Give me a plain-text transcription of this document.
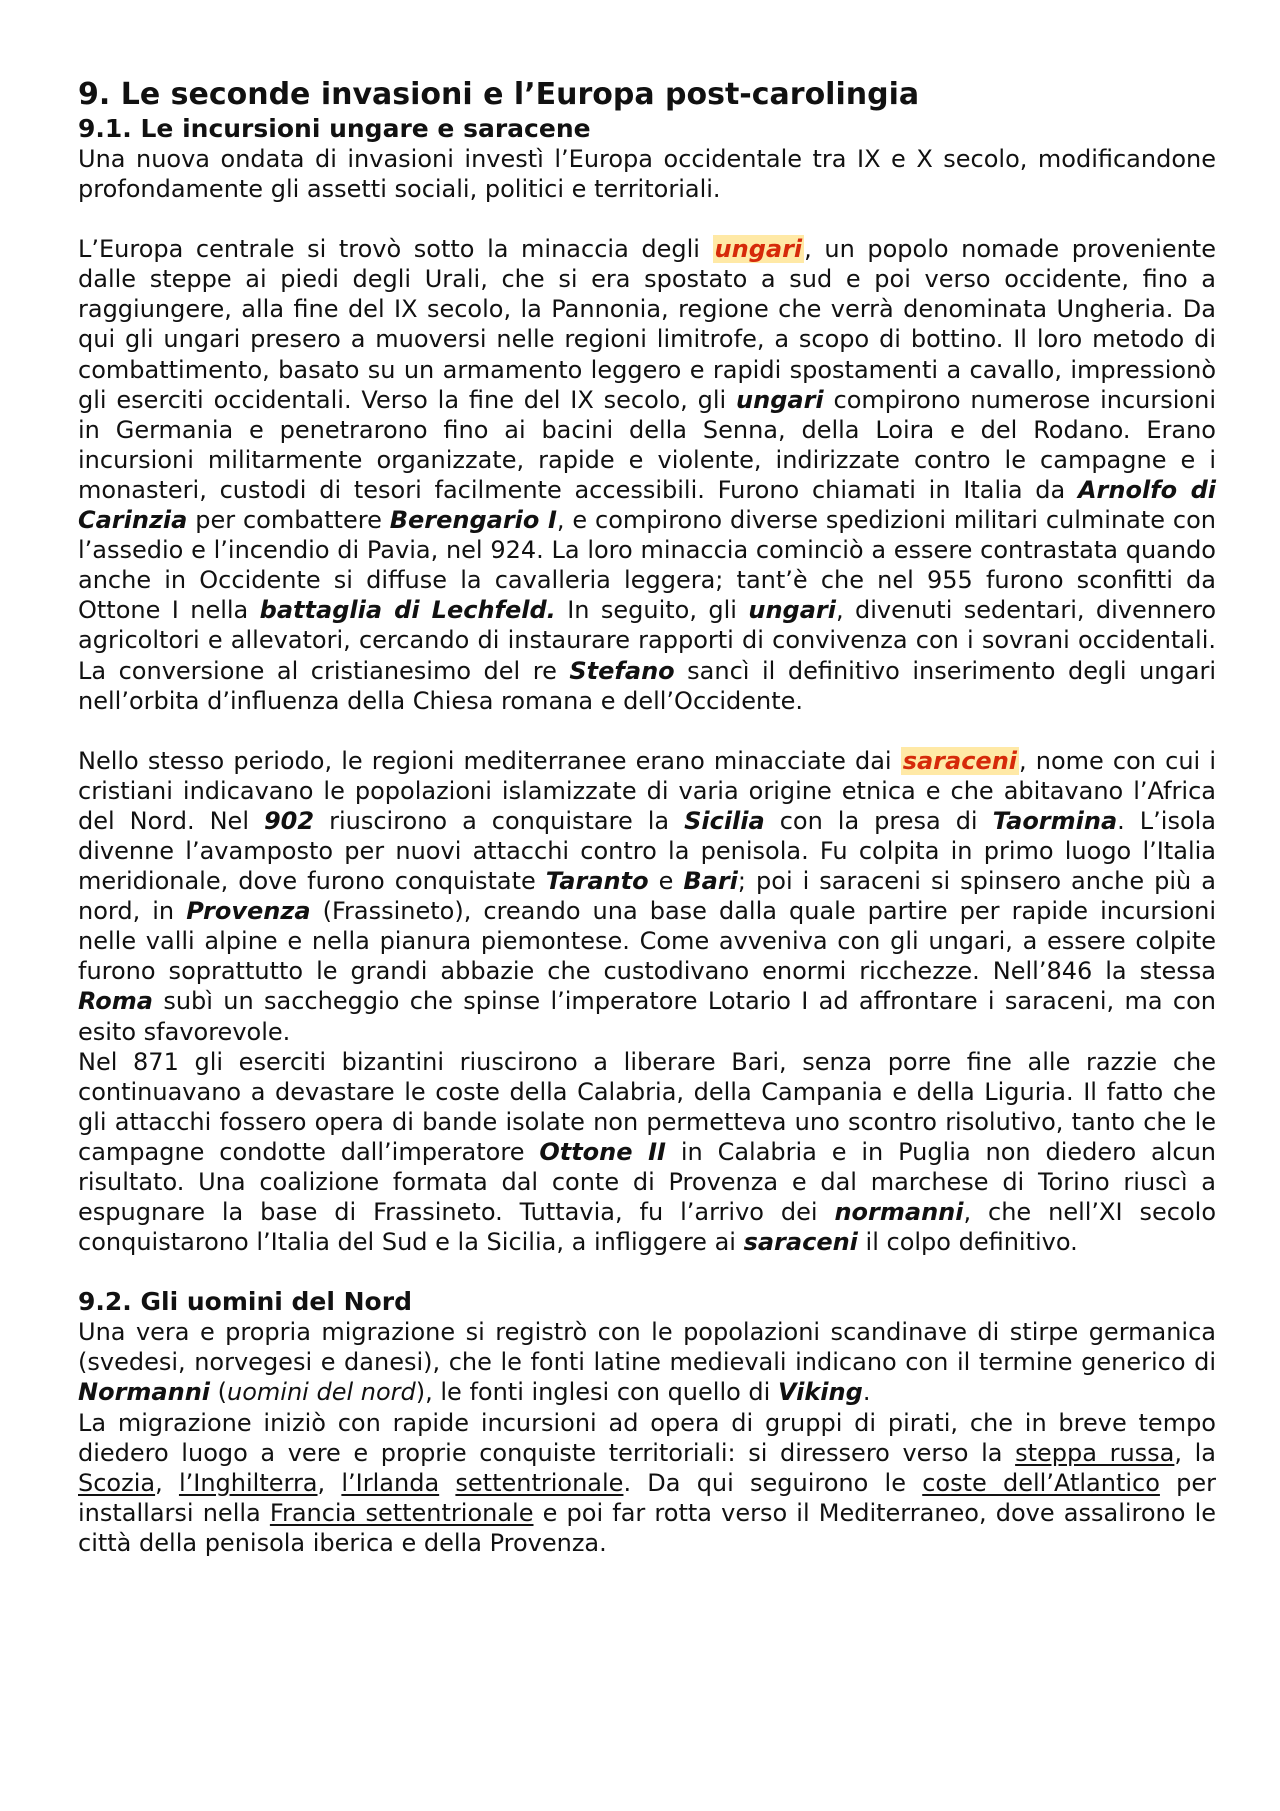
9. Le seconde invasioni e l’Europa post-carolingia
9.1. Le incursioni ungare e saracene

Una nuova ondata di invasioni investì l’Europa occidentale tra IX e X secolo, modificandone profondamente gli assetti sociali, politici e territoriali.

L’Europa centrale si trovò sotto la minaccia degli ungari, un popolo nomade proveniente dalle steppe ai piedi degli Urali, che si era spostato a sud e poi verso occidente, fino a raggiungere, alla fine del IX secolo, la Pannonia, regione che verrà denominata Ungheria. Da qui gli ungari presero a muoversi nelle regioni limitrofe, a scopo di bottino. Il loro metodo di combattimento, basato su un armamento leggero e rapidi spostamenti a cavallo, impressionò gli eserciti occidentali. Verso la fine del IX secolo, gli ungari compirono numerose incursioni in Germania e penetrarono fino ai bacini della Senna, della Loira e del Rodano. Erano incursioni militarmente organizzate, rapide e violente, indirizzate contro le campagne e i monasteri, custodi di tesori facilmente accessibili. Furono chiamati in Italia da Arnolfo di Carinzia per combattere Berengario I, e compirono diverse spedizioni militari culminate con l’assedio e l’incendio di Pavia, nel 924. La loro minaccia cominciò a essere contrastata quando anche in Occidente si diffuse la cavalleria leggera; tant’è che nel 955 furono sconfitti da Ottone I nella battaglia di Lechfeld. In seguito, gli ungari, divenuti sedentari, divennero agricoltori e allevatori, cercando di instaurare rapporti di convivenza con i sovrani occidentali. La conversione al cristianesimo del re Stefano sancì il definitivo inserimento degli ungari nell’orbita d’influenza della Chiesa romana e dell’Occidente.

Nello stesso periodo, le regioni mediterranee erano minacciate dai saraceni, nome con cui i cristiani indicavano le popolazioni islamizzate di varia origine etnica e che abitavano l’Africa del Nord. Nel 902 riuscirono a conquistare la Sicilia con la presa di Taormina. L’isola divenne l’avamposto per nuovi attacchi contro la penisola. Fu colpita in primo luogo l’Italia meridionale, dove furono conquistate Taranto e Bari; poi i saraceni si spinsero anche più a nord, in Provenza (Frassineto), creando una base dalla quale partire per rapide incursioni nelle valli alpine e nella pianura piemontese. Come avveniva con gli ungari, a essere colpite furono soprattutto le grandi abbazie che custodivano enormi ricchezze. Nell’846 la stessa Roma subì un saccheggio che spinse l’imperatore Lotario I ad affrontare i saraceni, ma con esito sfavorevole.

Nel 871 gli eserciti bizantini riuscirono a liberare Bari, senza porre fine alle razzie che continuavano a devastare le coste della Calabria, della Campania e della Liguria. Il fatto che gli attacchi fossero opera di bande isolate non permetteva uno scontro risolutivo, tanto che le campagne condotte dall’imperatore Ottone II in Calabria e in Puglia non diedero alcun risultato. Una coalizione formata dal conte di Provenza e dal marchese di Torino riuscì a espugnare la base di Frassineto. Tuttavia, fu l’arrivo dei normanni, che nell’XI secolo conquistarono l’Italia del Sud e la Sicilia, a infliggere ai saraceni il colpo definitivo.

9.2. Gli uomini del Nord

Una vera e propria migrazione si registrò con le popolazioni scandinave di stirpe germanica (svedesi, norvegesi e danesi), che le fonti latine medievali indicano con il termine generico di Normanni (uomini del nord), le fonti inglesi con quello di Viking.

La migrazione iniziò con rapide incursioni ad opera di gruppi di pirati, che in breve tempo diedero luogo a vere e proprie conquiste territoriali: si diressero verso la steppa russa, la Scozia, l’Inghilterra, l’Irlanda settentrionale. Da qui seguirono le coste dell’Atlantico per installarsi nella Francia settentrionale e poi far rotta verso il Mediterraneo, dove assalirono le città della penisola iberica e della Provenza.
